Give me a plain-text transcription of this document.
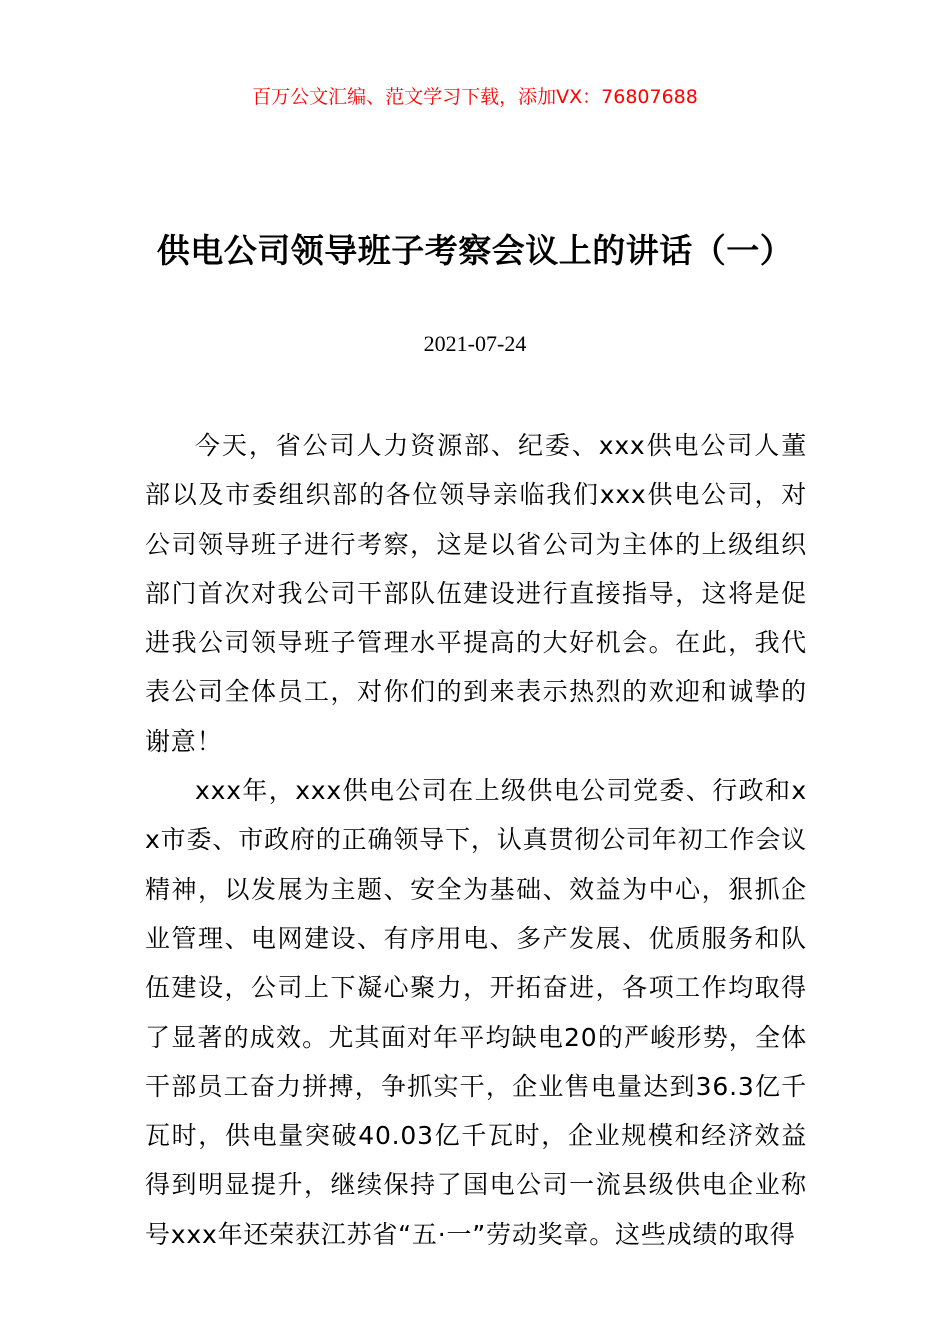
百万公文汇编、范文学习下载，添加VX：76807688
供电公司领导班子考察会议上的讲话（一）
2021-07-24

今天，省公司人力资源部、纪委、xxx供电公司人董部以及市委组织部的各位领导亲临我们xxx供电公司，对公司领导班子进行考察，这是以省公司为主体的上级组织部门首次对我公司干部队伍建设进行直接指导，这将是促进我公司领导班子管理水平提高的大好机会。在此，我代表公司全体员工，对你们的到来表示热烈的欢迎和诚挚的谢意！

xxx年，xxx供电公司在上级供电公司党委、行政和xx市委、市政府的正确领导下，认真贯彻公司年初工作会议精神，以发展为主题、安全为基础、效益为中心，狠抓企业管理、电网建设、有序用电、多产发展、优质服务和队伍建设，公司上下凝心聚力，开拓奋进，各项工作均取得了显著的成效。尤其面对年平均缺电20的严峻形势，全体干部员工奋力拼搏，争抓实干，企业售电量达到36.3亿千瓦时，供电量突破40.03亿千瓦时，企业规模和经济效益得到明显提升，继续保持了国电公司一流县级供电企业称号xxx年还荣获江苏省“五·一”劳动奖章。这些成绩的取得
